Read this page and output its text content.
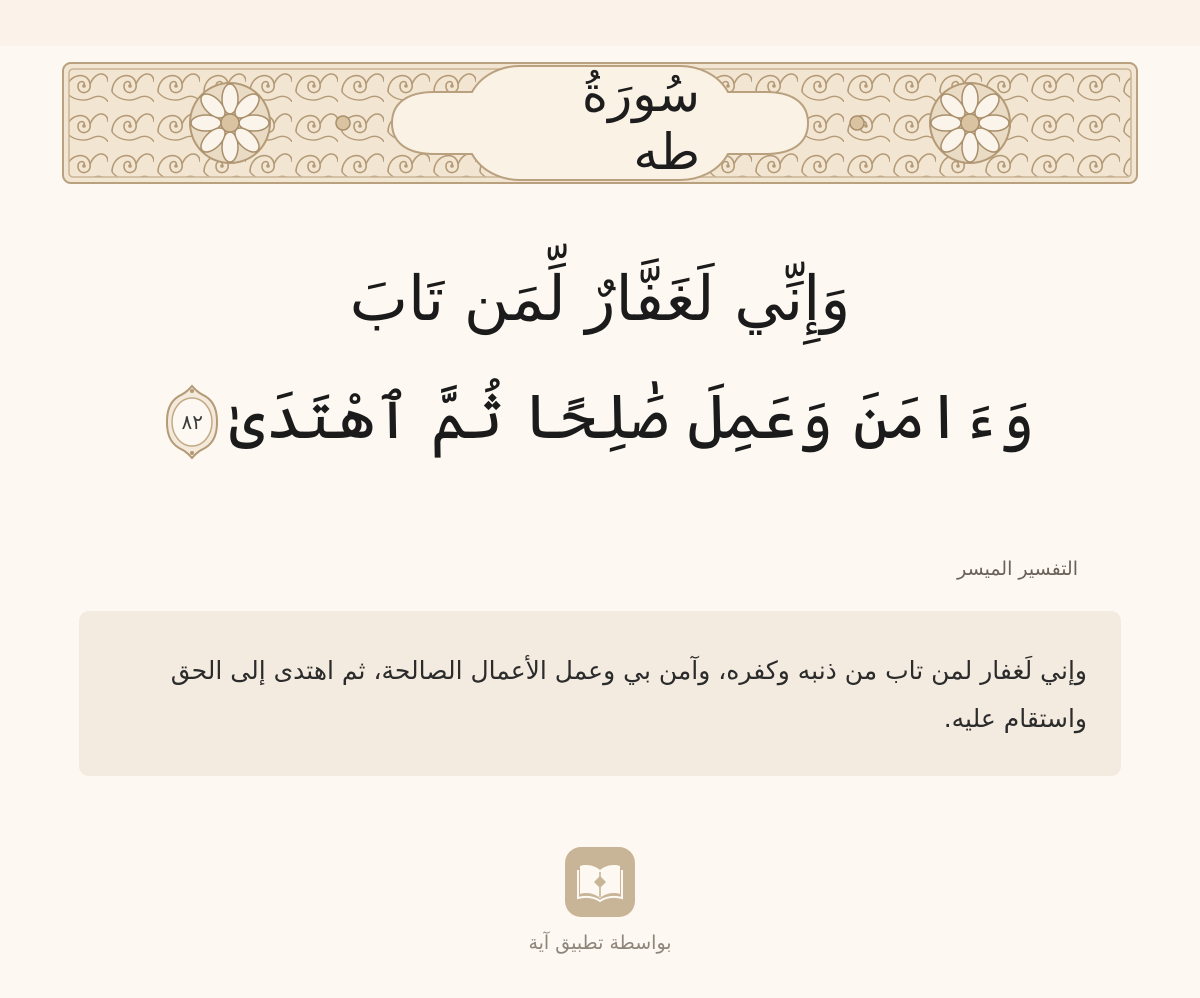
سُورَةُ طه
وَإِنِّي لَغَفَّارٌ لِّمَن تَابَ
وَءَامَنَ وَعَمِلَ صَٰلِحًا ثُمَّ ٱهْتَدَىٰ
٨٢
التفسير الميسر
وإني لَغفار لمن تاب من ذنبه وكفره، وآمن بي وعمل الأعمال الصالحة، ثم اهتدى إلى الحق واستقام عليه.
بواسطة تطبيق آية
